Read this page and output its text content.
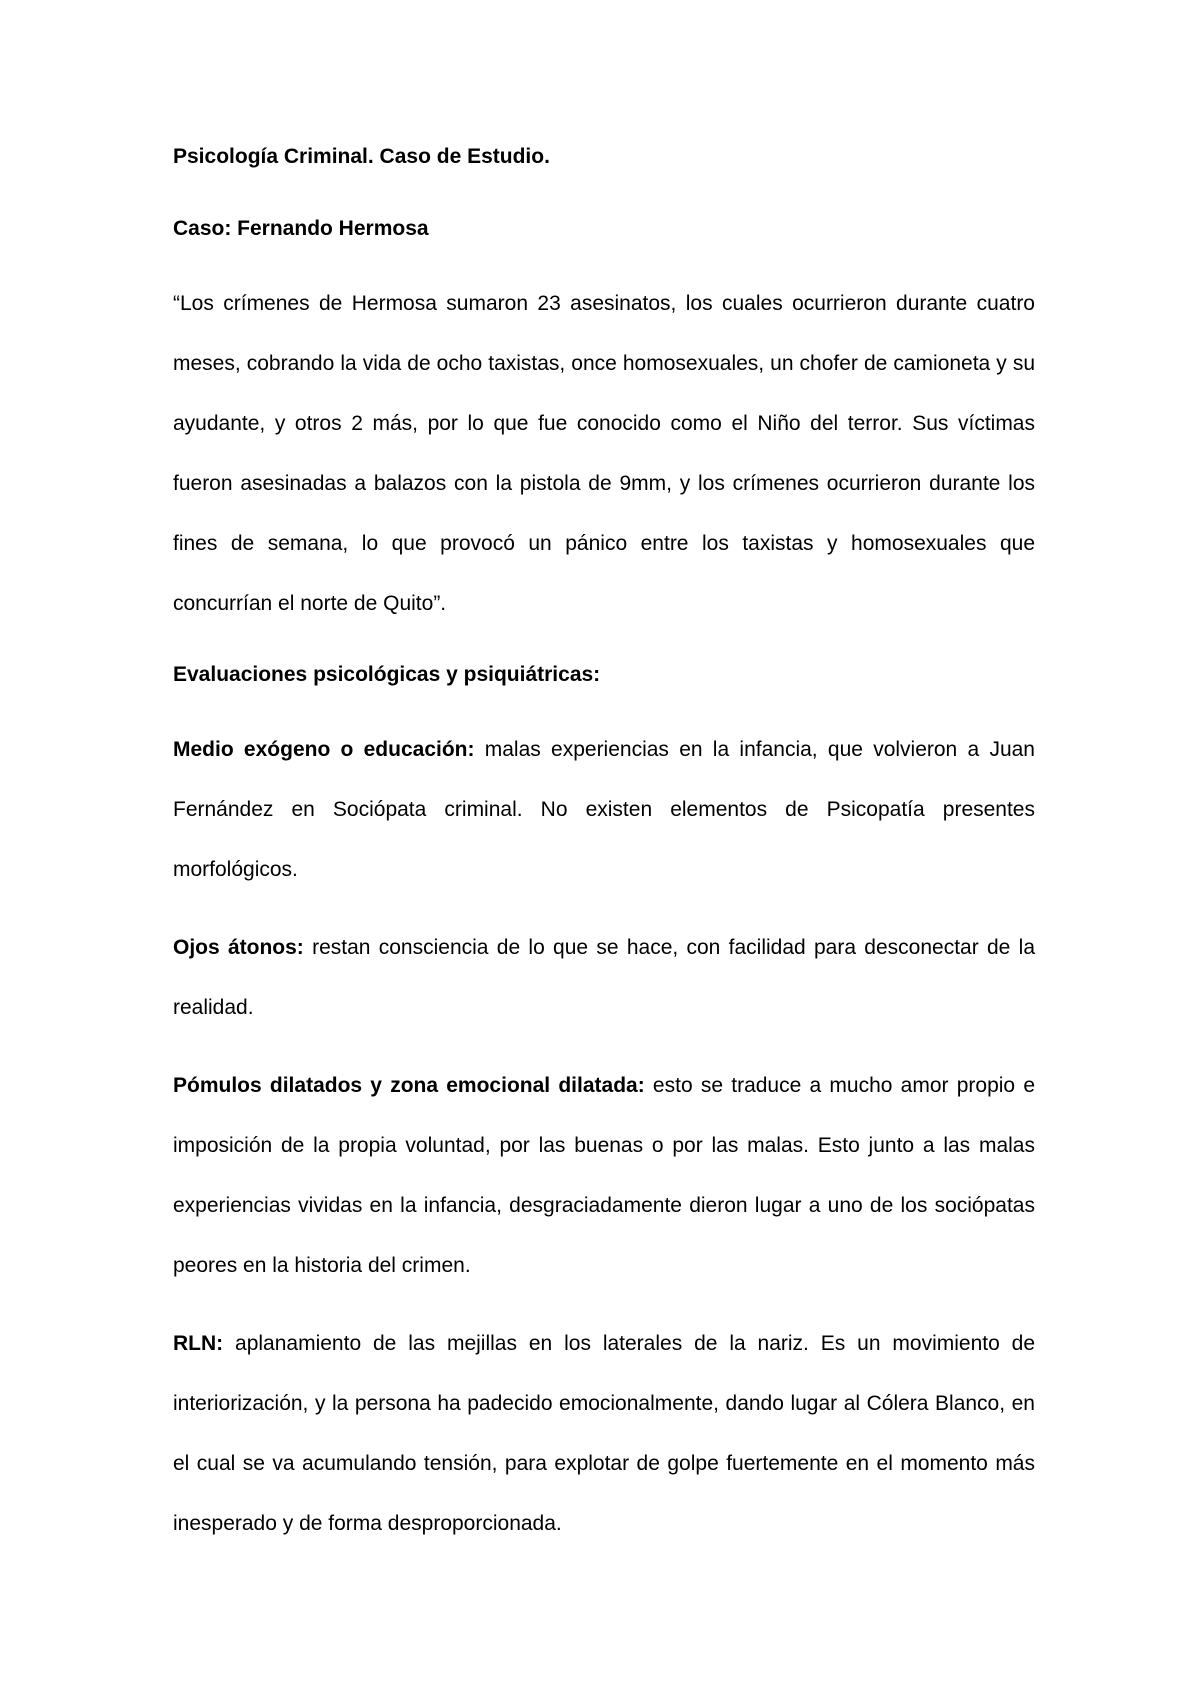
Psicología Criminal. Caso de Estudio.

Caso: Fernando Hermosa

“Los crímenes de Hermosa sumaron 23 asesinatos, los cuales ocurrieron durante cuatro meses, cobrando la vida de ocho taxistas, once homosexuales, un chofer de camioneta y su ayudante, y otros 2 más, por lo que fue conocido como el Niño del terror. Sus víctimas fueron asesinadas a balazos con la pistola de 9mm, y los crímenes ocurrieron durante los fines de semana, lo que provocó un pánico entre los taxistas y homosexuales que concurrían el norte de Quito”.

Evaluaciones psicológicas y psiquiátricas:

Medio exógeno o educación: malas experiencias en la infancia, que volvieron a Juan Fernández en Sociópata criminal. No existen elementos de Psicopatía presentes morfológicos.

Ojos átonos: restan consciencia de lo que se hace, con facilidad para desconectar de la realidad.

Pómulos dilatados y zona emocional dilatada: esto se traduce a mucho amor propio e imposición de la propia voluntad, por las buenas o por las malas. Esto junto a las malas experiencias vividas en la infancia, desgraciadamente dieron lugar a uno de los sociópatas peores en la historia del crimen.

RLN: aplanamiento de las mejillas en los laterales de la nariz. Es un movimiento de interiorización, y la persona ha padecido emocionalmente, dando lugar al Cólera Blanco, en el cual se va acumulando tensión, para explotar de golpe fuertemente en el momento más inesperado y de forma desproporcionada.
